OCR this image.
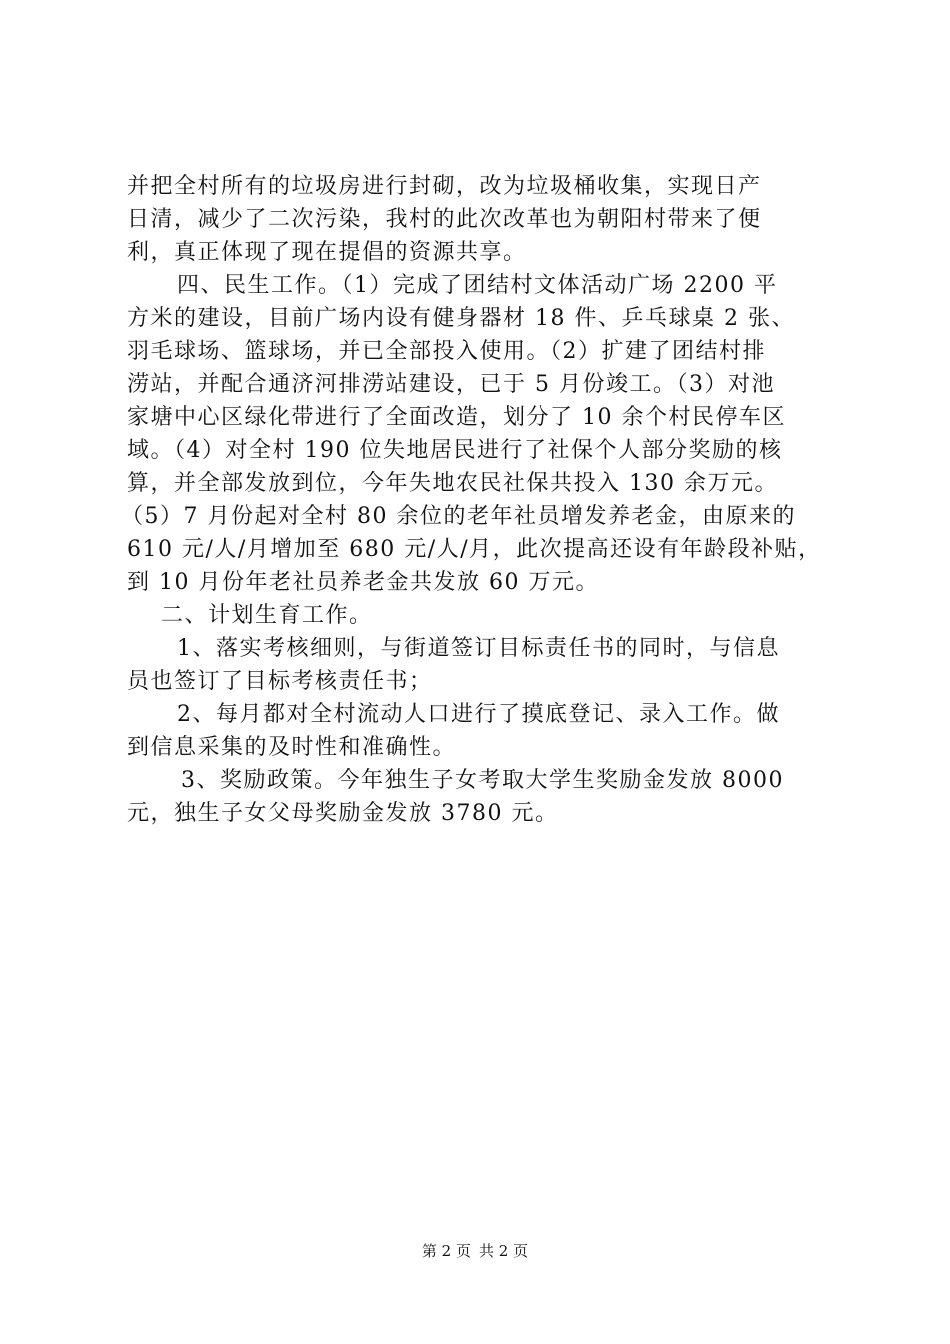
并把全村所有的垃圾房进行封砌，改为垃圾桶收集，实现日产
日清，减少了二次污染，我村的此次改革也为朝阳村带来了便
利，真正体现了现在提倡的资源共享。
四、民生工作。（1）完成了团结村文体活动广场 2200 平
方米的建设，目前广场内设有健身器材 18 件、乒乓球桌 2 张、
羽毛球场、篮球场，并已全部投入使用。（2）扩建了团结村排
涝站，并配合通济河排涝站建设，已于 5 月份竣工。（3）对池
家塘中心区绿化带进行了全面改造，划分了 10 余个村民停车区
域。（4）对全村 190 位失地居民进行了社保个人部分奖励的核
算，并全部发放到位，今年失地农民社保共投入 130 余万元。
（5）7 月份起对全村 80 余位的老年社员增发养老金，由原来的
610 元/人/月增加至 680 元/人/月，此次提高还设有年龄段补贴，
到 10 月份年老社员养老金共发放 60 万元。
二、计划生育工作。
1、落实考核细则，与街道签订目标责任书的同时，与信息
员也签订了目标考核责任书；
2、每月都对全村流动人口进行了摸底登记、录入工作。做
到信息采集的及时性和准确性。
3、奖励政策。今年独生子女考取大学生奖励金发放 8000
元，独生子女父母奖励金发放 3780 元。
第 2 页 共 2 页
